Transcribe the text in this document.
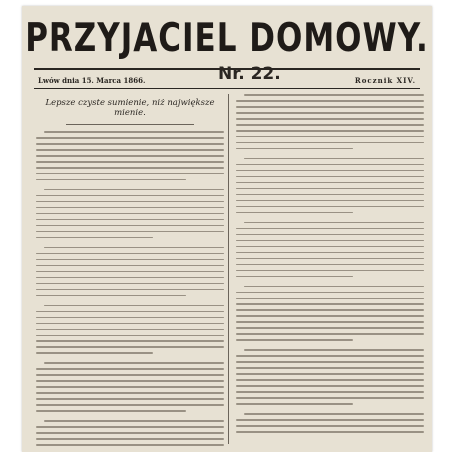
PRZYJACIEL DOMOWY.
Lwów dnia 15. Marca 1866.	Nr. 22.	Rocznik XIV.
Lepsze czyste sumienie, niż największe mienie.
